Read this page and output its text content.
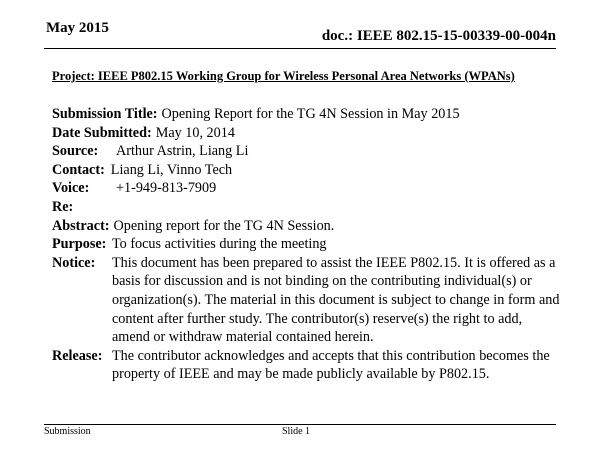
May 2015	doc.: IEEE 802.15-15-00339-00-004n
Project: IEEE P802.15 Working Group for Wireless Personal Area Networks (WPANs)
Submission Title: Opening Report for the TG 4N Session in May 2015
Date Submitted: May 10, 2014
Source:	Arthur Astrin, Liang Li
Contact: Liang Li, Vinno Tech
Voice:	+1-949-813-7909
Re:
Abstract: Opening report for the TG 4N Session.
Purpose: To focus activities during the meeting
Notice:	This document has been prepared to assist the IEEE P802.15. It is offered as a basis for discussion and is not binding on the contributing individual(s) or organization(s). The material in this document is subject to change in form and content after further study. The contributor(s) reserve(s) the right to add, amend or withdraw material contained herein.
Release: The contributor acknowledges and accepts that this contribution becomes the property of IEEE and may be made publicly available by P802.15.
Submission	Slide 1
